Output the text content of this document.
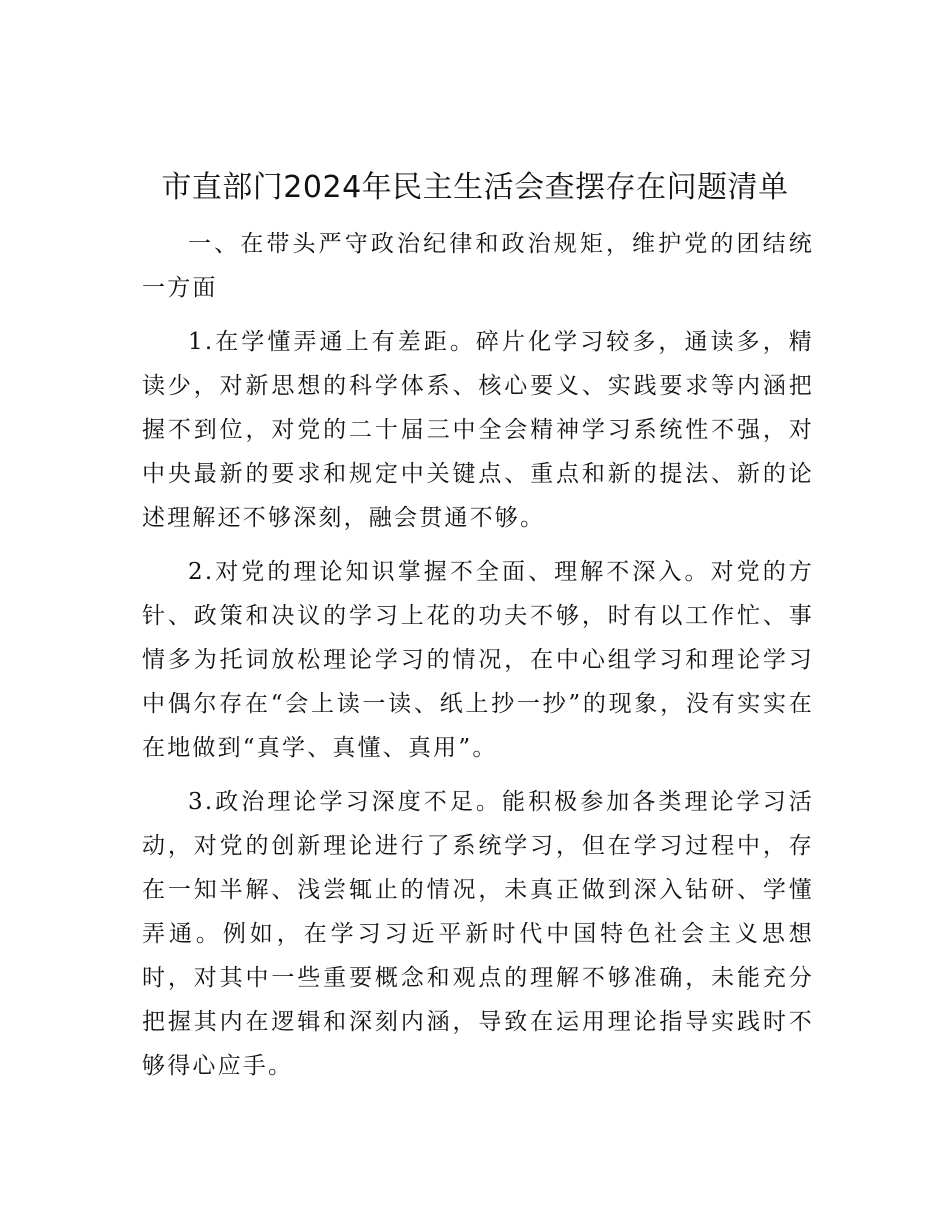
市直部门2024年民主生活会查摆存在问题清单

一、在带头严守政治纪律和政治规矩，维护党的团结统一方面

1.在学懂弄通上有差距。碎片化学习较多，通读多，精读少，对新思想的科学体系、核心要义、实践要求等内涵把握不到位，对党的二十届三中全会精神学习系统性不强，对中央最新的要求和规定中关键点、重点和新的提法、新的论述理解还不够深刻，融会贯通不够。

2.对党的理论知识掌握不全面、理解不深入。对党的方针、政策和决议的学习上花的功夫不够，时有以工作忙、事情多为托词放松理论学习的情况，在中心组学习和理论学习中偶尔存在“会上读一读、纸上抄一抄”的现象，没有实实在在地做到“真学、真懂、真用”。

3.政治理论学习深度不足。能积极参加各类理论学习活动，对党的创新理论进行了系统学习，但在学习过程中，存在一知半解、浅尝辄止的情况，未真正做到深入钻研、学懂弄通。例如，在学习习近平新时代中国特色社会主义思想时，对其中一些重要概念和观点的理解不够准确，未能充分把握其内在逻辑和深刻内涵，导致在运用理论指导实践时不够得心应手。
